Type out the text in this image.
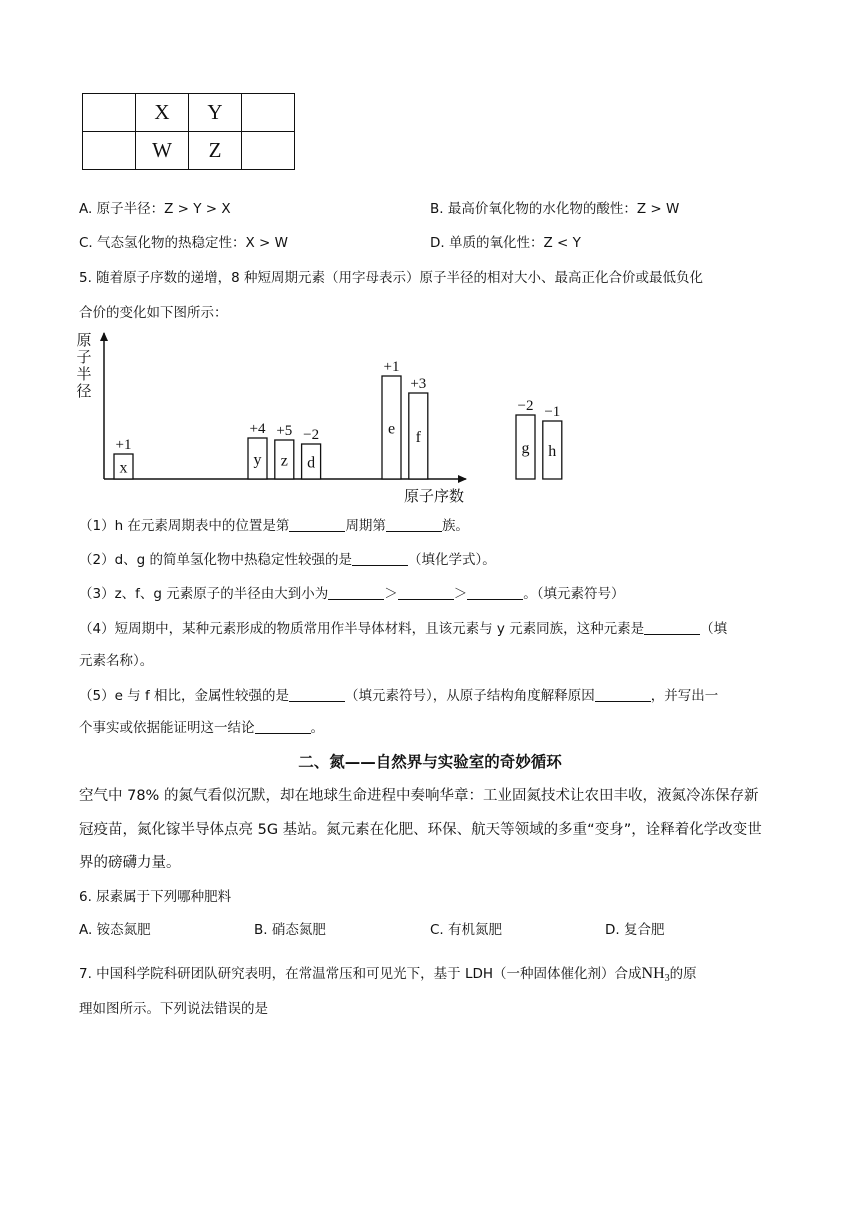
	X	Y	
	W	Z	
A. 原子半径：Z > Y > X	B. 最高价氧化物的水化物的酸性：Z > W
C. 气态氢化物的热稳定性：X > W	D. 单质的氧化性：Z < Y
5. 随着原子序数的递增，8 种短周期元素（用字母表示）原子半径的相对大小、最高正化合价或最低负化
合价的变化如下图所示：
原
子
半
径
原子序数
x
+1
y
+4
z
+5
d
−2	e
+1
f
+3
g
−2
h
−1
（1）h 在元素周期表中的位置是第	周期第	族。
（2）d、g 的简单氢化物中热稳定性较强的是	（填化学式）。
（3）z、f、g 元素原子的半径由大到小为	＞	＞	。（填元素符号）
（4）短周期中，某种元素形成的物质常用作半导体材料，且该元素与 y 元素同族，这种元素是	（填
元素名称）。
（5）e 与 f 相比，金属性较强的是	（填元素符号），从原子结构角度解释原因	，并写出一
个事实或依据能证明这一结论	。
二、氮——自然界与实验室的奇妙循环
空气中 78% 的氮气看似沉默，却在地球生命进程中奏响华章：工业固氮技术让农田丰收，液氮冷冻保存新
冠疫苗，氮化镓半导体点亮 5G 基站。氮元素在化肥、环保、航天等领域的多重“变身”，诠释着化学改变世
界的磅礴力量。
6. 尿素属于下列哪种肥料
A. 铵态氮肥	B. 硝态氮肥	C. 有机氮肥	D. 复合肥
7. 中国科学院科研团队研究表明，在常温常压和可见光下，基于 LDH（一种固体催化剂）合成$NH_3$的原
理如图所示。下列说法错误的是
